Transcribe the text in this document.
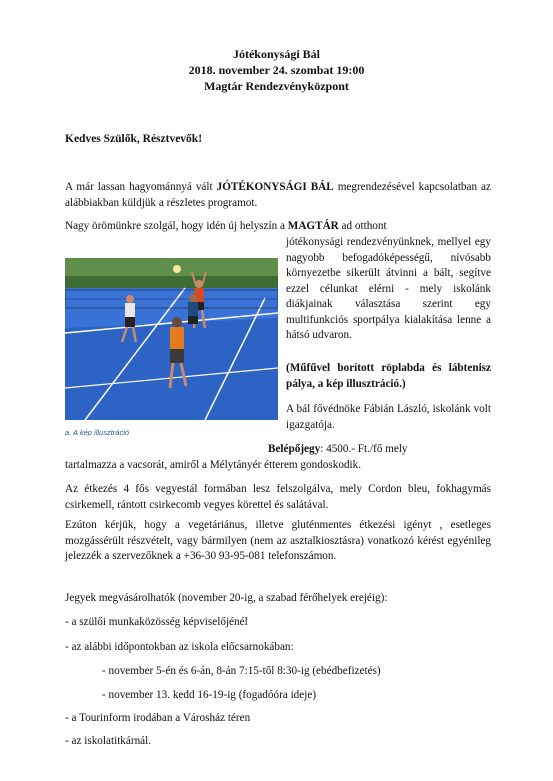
Jótékonysági Bál
2018. november 24. szombat 19:00
Magtár Rendezvényközpont
Kedves Szülők, Résztvevők!
A már lassan hagyománnyá vált JÓTÉKONYSÁGI BÁL megrendezésével kapcsolatban az alábbiakban küldjük a részletes programot.
Nagy örömünkre szolgál, hogy idén új helyszín a MAGTÁR ad otthont
jótékonysági rendezvényünknek, mellyel egy nagyobb befogadóképességű, nívósabb környezetbe sikerült átvinni a bált, segítve ezzel célunkat elérni - mely iskolánk diákjainak választása szerint egy multifunkciós sportpálya kialakítása lenne a hátsó udvaron.
(Műfűvel borított röplabda és lábtenisz pálya, a kép illusztráció.)
A bál fővédnöke Fábián László, iskolánk volt igazgatója.
a. A kép illusztráció
Belépőjegy: 4500.- Ft./fő mely
tartalmazza a vacsorát, amiről a Mélytányér étterem gondoskodik.
Az étkezés 4 fős vegyestál formában lesz felszolgálva, mely Cordon bleu, fokhagymás csirkemell, rántott csirkecomb vegyes körettel és salátával.
Ezúton kérjük, hogy a vegetáriánus, illetve gluténmentes étkezési igényt , esetleges mozgássérült részvételt, vagy bármilyen (nem az asztalkiosztásra) vonatkozó kérést egyénileg jelezzék a szervezőknek a +36-30 93-95-081 telefonszámon.
Jegyek megvásárolhatók (november 20-ig, a szabad férőhelyek erejéig):
- a szülői munkaközösség képviselőjénél
- az alábbi időpontokban az iskola előcsarnokában:
- november 5-én és 6-án, 8-án 7:15-től 8:30-ig (ebédbefizetés)
- november 13. kedd 16-19-ig (fogadóóra ideje)
- a Tourinform irodában a Városház téren
- az iskolatitkárnál.
